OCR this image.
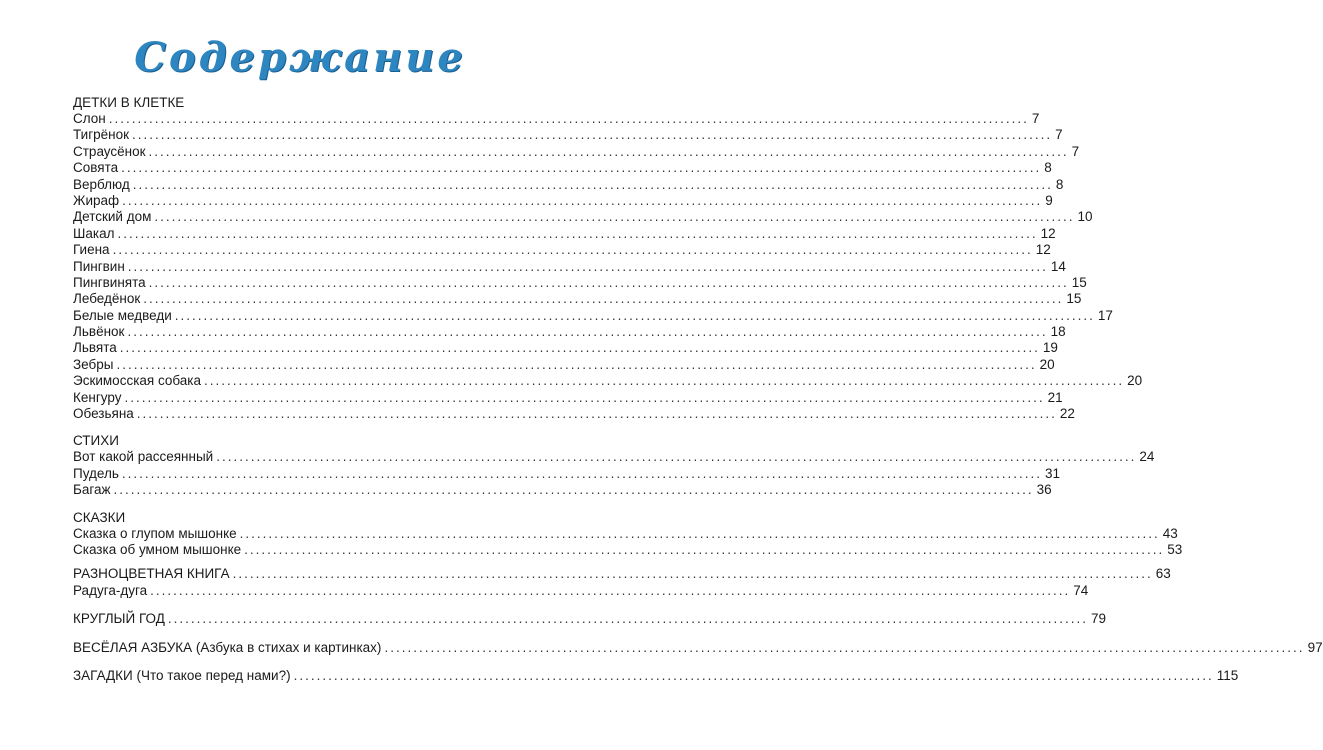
Содержание
ДЕТКИ В КЛЕТКЕ
Слон ................................................................................................................................................................ 7
Тигрёнок ................................................................................................................................................................ 7
Страусёнок ................................................................................................................................................................ 7
Совята ................................................................................................................................................................ 8
Верблюд ................................................................................................................................................................ 8
Жираф ................................................................................................................................................................ 9
Детский дом ................................................................................................................................................................ 10
Шакал ................................................................................................................................................................ 12
Гиена ................................................................................................................................................................ 12
Пингвин ................................................................................................................................................................ 14
Пингвинята ................................................................................................................................................................ 15
Лебедёнок ................................................................................................................................................................ 15
Белые медведи ................................................................................................................................................................ 17
Львёнок ................................................................................................................................................................ 18
Львята ................................................................................................................................................................ 19
Зебры ................................................................................................................................................................ 20
Эскимосская собака ................................................................................................................................................................ 20
Кенгуру ................................................................................................................................................................ 21
Обезьяна ................................................................................................................................................................ 22
СТИХИ
Вот какой рассеянный ................................................................................................................................................................ 24
Пудель ................................................................................................................................................................ 31
Багаж ................................................................................................................................................................ 36
СКАЗКИ
Сказка о глупом мышонке ................................................................................................................................................................ 43
Сказка об умном мышонке ................................................................................................................................................................ 53
РАЗНОЦВЕТНАЯ КНИГА ................................................................................................................................................................ 63
Радуга-дуга ................................................................................................................................................................ 74
КРУГЛЫЙ ГОД ................................................................................................................................................................ 79
ВЕСЁЛАЯ АЗБУКА (Азбука в стихах и картинках) ................................................................................................................................................................ 97
ЗАГАДКИ (Что такое перед нами?) ................................................................................................................................................................ 115
